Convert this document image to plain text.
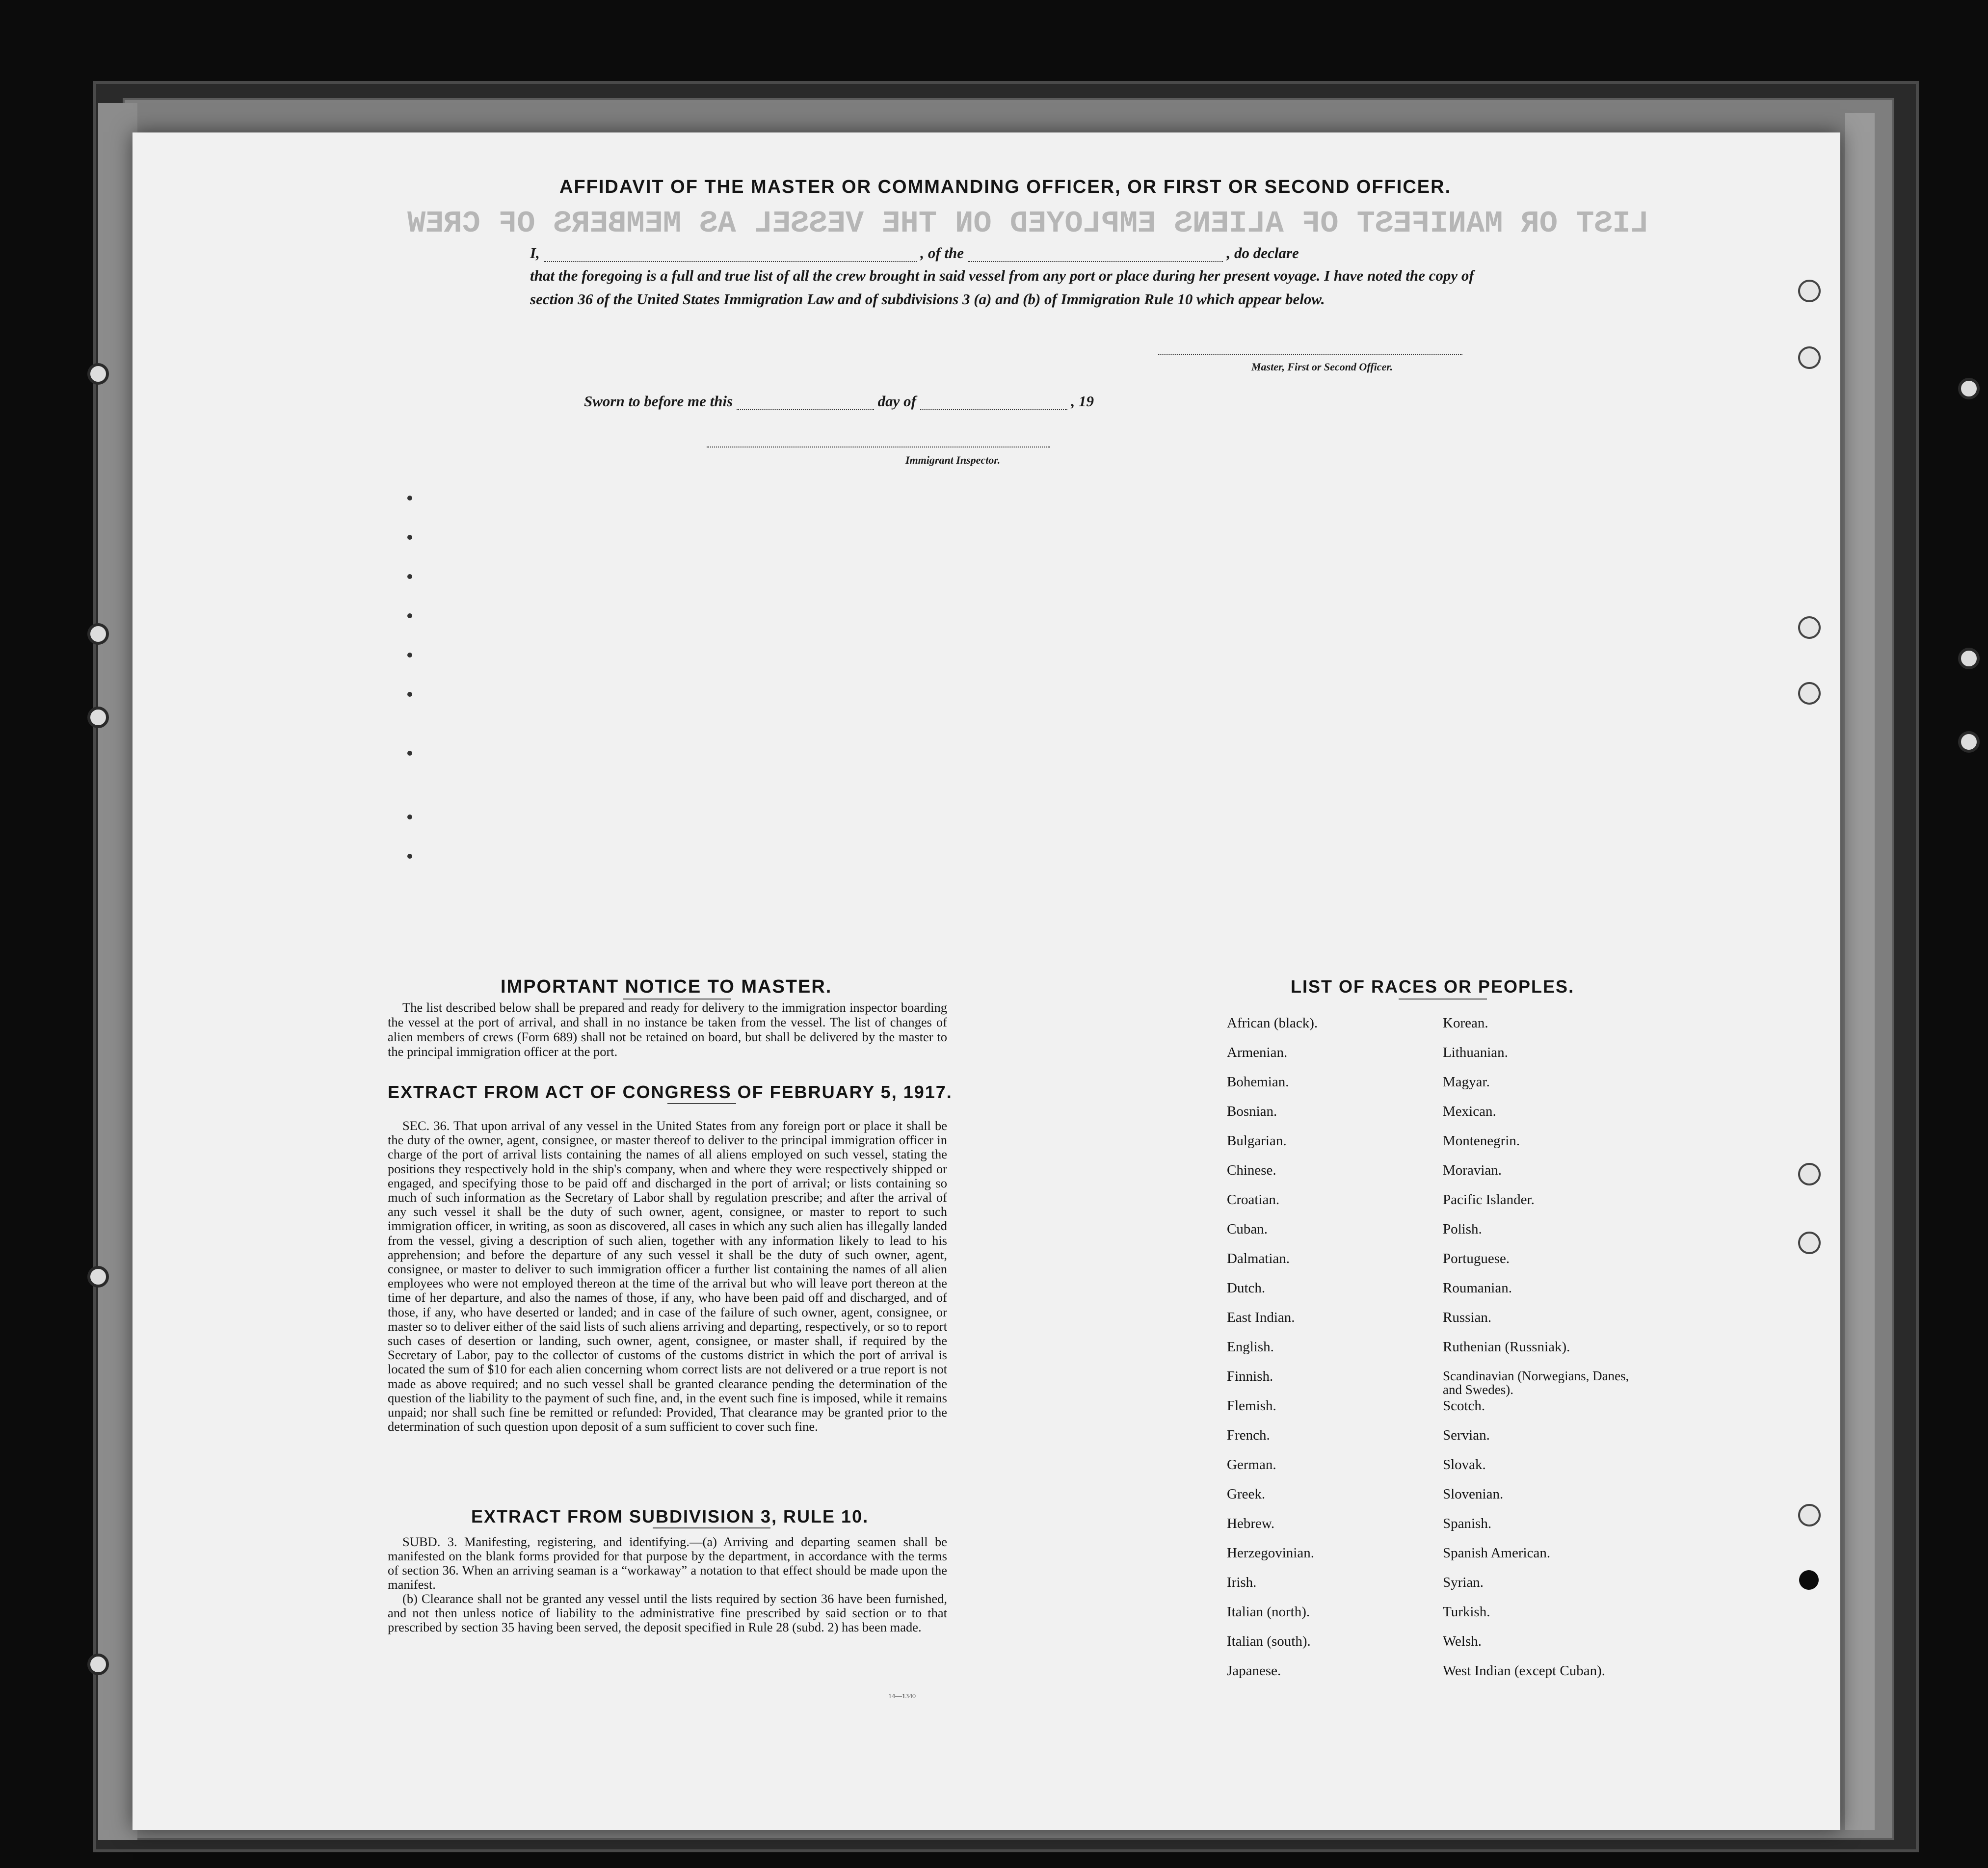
LIST OR MANIFEST OF ALIENS EMPLOYED ON THE VESSEL AS MEMBERS OF CREW
AFFIDAVIT OF THE MASTER OR COMMANDING OFFICER, OR FIRST OR SECOND OFFICER.
I,	, of the	, do declare
that the foregoing is a full and true list of all the crew brought in said vessel from any port or place during her present voyage. I have noted the copy of section 36 of the United States Immigration Law and of subdivisions 3 (a) and (b) of Immigration Rule 10 which appear below.
Master, First or Second Officer.
Sworn to before me this	day of	, 19
Immigrant Inspector.
IMPORTANT NOTICE TO MASTER.
The list described below shall be prepared and ready for delivery to the immigration inspector boarding the vessel at the port of arrival, and shall in no instance be taken from the vessel. The list of changes of alien members of crews (Form 689) shall not be retained on board, but shall be delivered by the master to the principal immigration officer at the port.
EXTRACT FROM ACT OF CONGRESS OF FEBRUARY 5, 1917.
SEC. 36. That upon arrival of any vessel in the United States from any foreign port or place it shall be the duty of the owner, agent, consignee, or master thereof to deliver to the principal immigration officer in charge of the port of arrival lists containing the names of all aliens employed on such vessel, stating the positions they respectively hold in the ship's company, when and where they were respectively shipped or engaged, and specifying those to be paid off and discharged in the port of arrival; or lists containing so much of such information as the Secretary of Labor shall by regulation prescribe; and after the arrival of any such vessel it shall be the duty of such owner, agent, consignee, or master to report to such immigration officer, in writing, as soon as discovered, all cases in which any such alien has illegally landed from the vessel, giving a description of such alien, together with any information likely to lead to his apprehension; and before the departure of any such vessel it shall be the duty of such owner, agent, consignee, or master to deliver to such immigration officer a further list containing the names of all alien employees who were not employed thereon at the time of the arrival but who will leave port thereon at the time of her departure, and also the names of those, if any, who have been paid off and discharged, and of those, if any, who have deserted or landed; and in case of the failure of such owner, agent, consignee, or master so to deliver either of the said lists of such aliens arriving and departing, respectively, or so to report such cases of desertion or landing, such owner, agent, consignee, or master shall, if required by the Secretary of Labor, pay to the collector of customs of the customs district in which the port of arrival is located the sum of $10 for each alien concerning whom correct lists are not delivered or a true report is not made as above required; and no such vessel shall be granted clearance pending the determination of the question of the liability to the payment of such fine, and, in the event such fine is imposed, while it remains unpaid; nor shall such fine be remitted or refunded: Provided, That clearance may be granted prior to the determination of such question upon deposit of a sum sufficient to cover such fine.
EXTRACT FROM SUBDIVISION 3, RULE 10.

SUBD. 3. Manifesting, registering, and identifying.—(a) Arriving and departing seamen shall be manifested on the blank forms provided for that purpose by the department, in accordance with the terms of section 36. When an arriving seaman is a “workaway” a notation to that effect should be made upon the manifest.

(b) Clearance shall not be granted any vessel until the lists required by section 36 have been furnished, and not then unless notice of liability to the administrative fine prescribed by said section or to that prescribed by section 35 having been served, the deposit specified in Rule 28 (subd. 2) has been made.

14—1340
LIST OF RACES OR PEOPLES.
African (black).
Armenian.
Bohemian.
Bosnian.
Bulgarian.
Chinese.
Croatian.
Cuban.
Dalmatian.
Dutch.
East Indian.
English.
Finnish.
Flemish.
French.
German.
Greek.
Hebrew.
Herzegovinian.
Irish.
Italian (north).
Italian (south).
Japanese.
Korean.
Lithuanian.
Magyar.
Mexican.
Montenegrin.
Moravian.
Pacific Islander.
Polish.
Portuguese.
Roumanian.
Russian.
Ruthenian (Russniak).
Scandinavian (Norwegians, Danes, and Swedes).
Scotch.
Servian.
Slovak.
Slovenian.
Spanish.
Spanish American.
Syrian.
Turkish.
Welsh.
West Indian (except Cuban).
